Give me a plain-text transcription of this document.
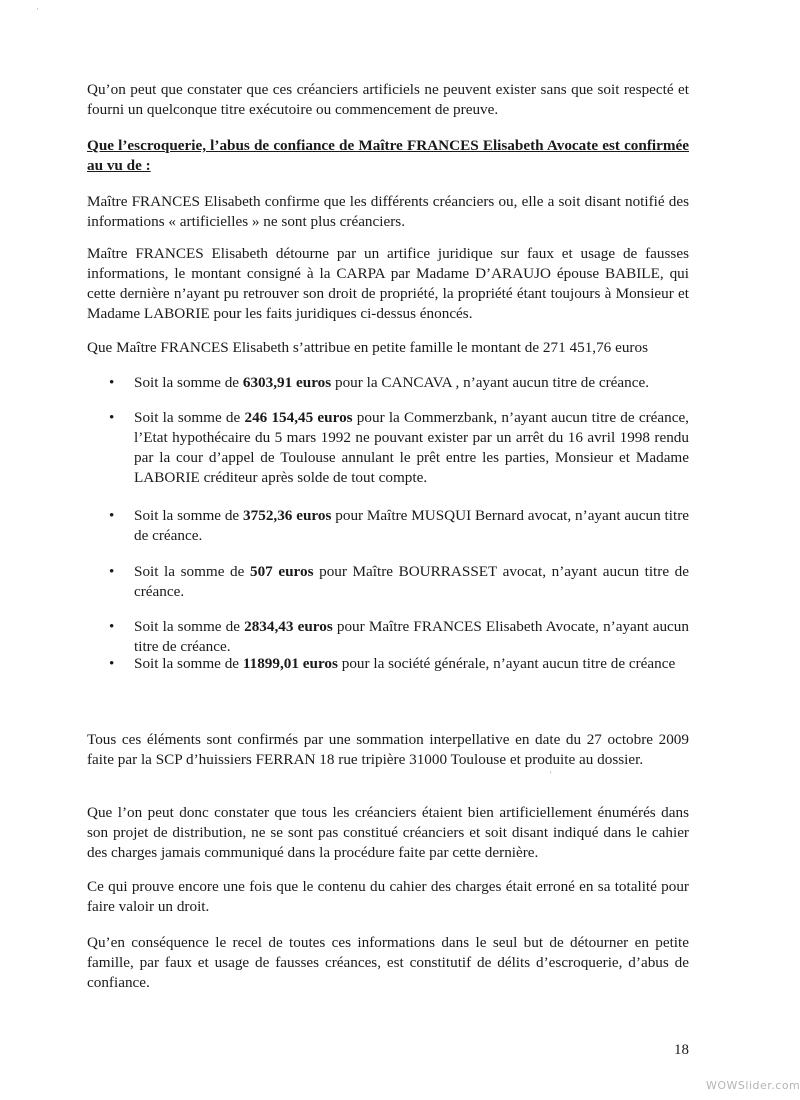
Qu’on peut que constater que ces créanciers artificiels ne peuvent exister sans que soit respecté et fourni un quelconque titre exécutoire ou commencement de preuve.

Que l’escroquerie, l’abus de confiance de Maître FRANCES Elisabeth Avocate est confirmée au vu de :

Maître FRANCES Elisabeth confirme que les différents créanciers ou, elle a soit disant notifié des informations « artificielles » ne sont plus créanciers.

Maître FRANCES Elisabeth détourne par un artifice juridique sur faux et usage de fausses informations, le montant consigné à la CARPA par Madame D’ARAUJO épouse BABILE, qui cette dernière n’ayant pu retrouver son droit de propriété, la propriété étant toujours à Monsieur et Madame LABORIE pour les faits juridiques ci-dessus énoncés.

Que Maître FRANCES Elisabeth s’attribue en petite famille le montant de 271 451,76 euros

• Soit la somme de 6303,91 euros pour la CANCAVA , n’ayant aucun titre de créance.
• Soit la somme de 246 154,45 euros pour la Commerzbank, n’ayant aucun titre de créance, l’Etat hypothécaire du 5 mars 1992 ne pouvant exister par un arrêt du 16 avril 1998 rendu par la cour d’appel de Toulouse annulant le prêt entre les parties, Monsieur et Madame LABORIE créditeur après solde de tout compte.
• Soit la somme de 3752,36 euros pour Maître MUSQUI Bernard avocat, n’ayant aucun titre de créance.
• Soit la somme de 507 euros pour Maître BOURRASSET avocat, n’ayant aucun titre de créance.
• Soit la somme de 2834,43 euros pour Maître FRANCES Elisabeth Avocate, n’ayant aucun titre de créance.
• Soit la somme de 11899,01 euros pour la société générale, n’ayant aucun titre de créance

Tous ces éléments sont confirmés par une sommation interpellative en date du 27 octobre 2009 faite par la SCP d’huissiers FERRAN 18 rue tripière 31000 Toulouse et produite au dossier.

Que l’on peut donc constater que tous les créanciers étaient bien artificiellement énumérés dans son projet de distribution, ne se sont pas constitué créanciers et soit disant indiqué dans le cahier des charges jamais communiqué dans la procédure faite par cette dernière.

Ce qui prouve encore une fois que le contenu du cahier des charges était erroné en sa totalité pour faire valoir un droit.

Qu’en conséquence le recel de toutes ces informations dans le seul but de détourner en petite famille, par faux et usage de fausses créances, est constitutif de délits d’escroquerie, d’abus de confiance.

18
WOWSlider.com
·
'
